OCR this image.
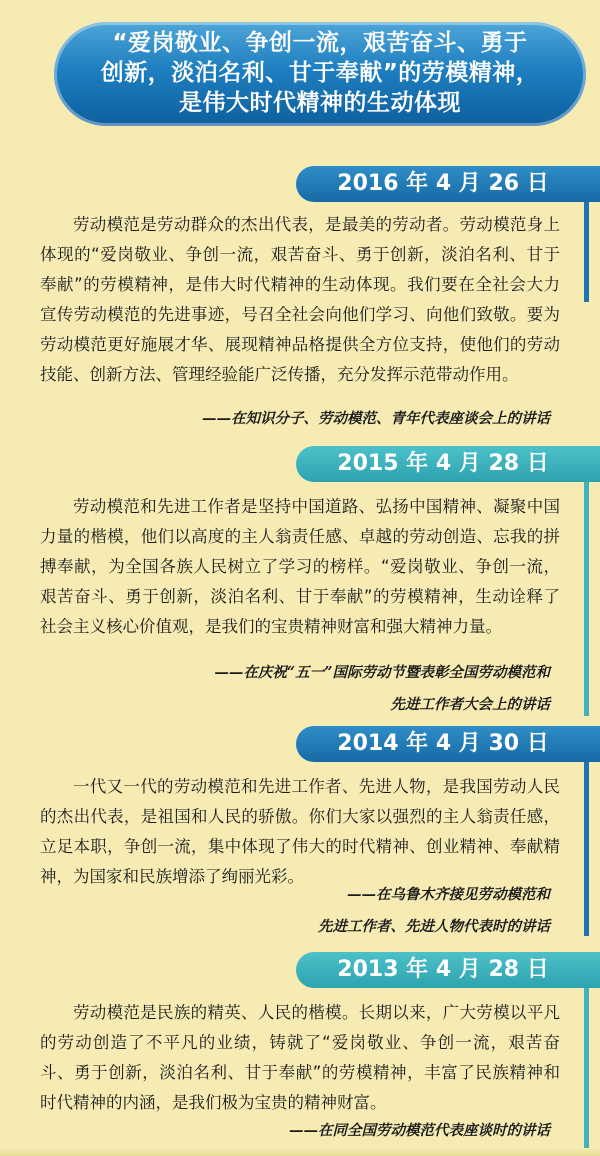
“爱岗敬业、争创一流，艰苦奋斗、勇于
创新，淡泊名利、甘于奉献”的劳模精神，
是伟大时代精神的生动体现
2016 年 4 月 26 日
劳动模范是劳动群众的杰出代表，是最美的劳动者。劳动模范身上体现的“爱岗敬业、争创一流，艰苦奋斗、勇于创新，淡泊名利、甘于奉献”的劳模精神，是伟大时代精神的生动体现。我们要在全社会大力宣传劳动模范的先进事迹，号召全社会向他们学习、向他们致敬。要为劳动模范更好施展才华、展现精神品格提供全方位支持，使他们的劳动技能、创新方法、管理经验能广泛传播，充分发挥示范带动作用。
——在知识分子、劳动模范、青年代表座谈会上的讲话
2015 年 4 月 28 日
劳动模范和先进工作者是坚持中国道路、弘扬中国精神、凝聚中国力量的楷模，他们以高度的主人翁责任感、卓越的劳动创造、忘我的拼搏奉献，为全国各族人民树立了学习的榜样。“爱岗敬业、争创一流，艰苦奋斗、勇于创新，淡泊名利、甘于奉献”的劳模精神，生动诠释了社会主义核心价值观，是我们的宝贵精神财富和强大精神力量。
——在庆祝“五一”国际劳动节暨表彰全国劳动模范和
先进工作者大会上的讲话
2014 年 4 月 30 日
一代又一代的劳动模范和先进工作者、先进人物，是我国劳动人民的杰出代表，是祖国和人民的骄傲。你们大家以强烈的主人翁责任感，立足本职，争创一流，集中体现了伟大的时代精神、创业精神、奉献精神，为国家和民族增添了绚丽光彩。
——在乌鲁木齐接见劳动模范和
先进工作者、先进人物代表时的讲话
2013 年 4 月 28 日
劳动模范是民族的精英、人民的楷模。长期以来，广大劳模以平凡的劳动创造了不平凡的业绩，铸就了“爱岗敬业、争创一流，艰苦奋斗、勇于创新，淡泊名利、甘于奉献”的劳模精神，丰富了民族精神和时代精神的内涵，是我们极为宝贵的精神财富。
——在同全国劳动模范代表座谈时的讲话
